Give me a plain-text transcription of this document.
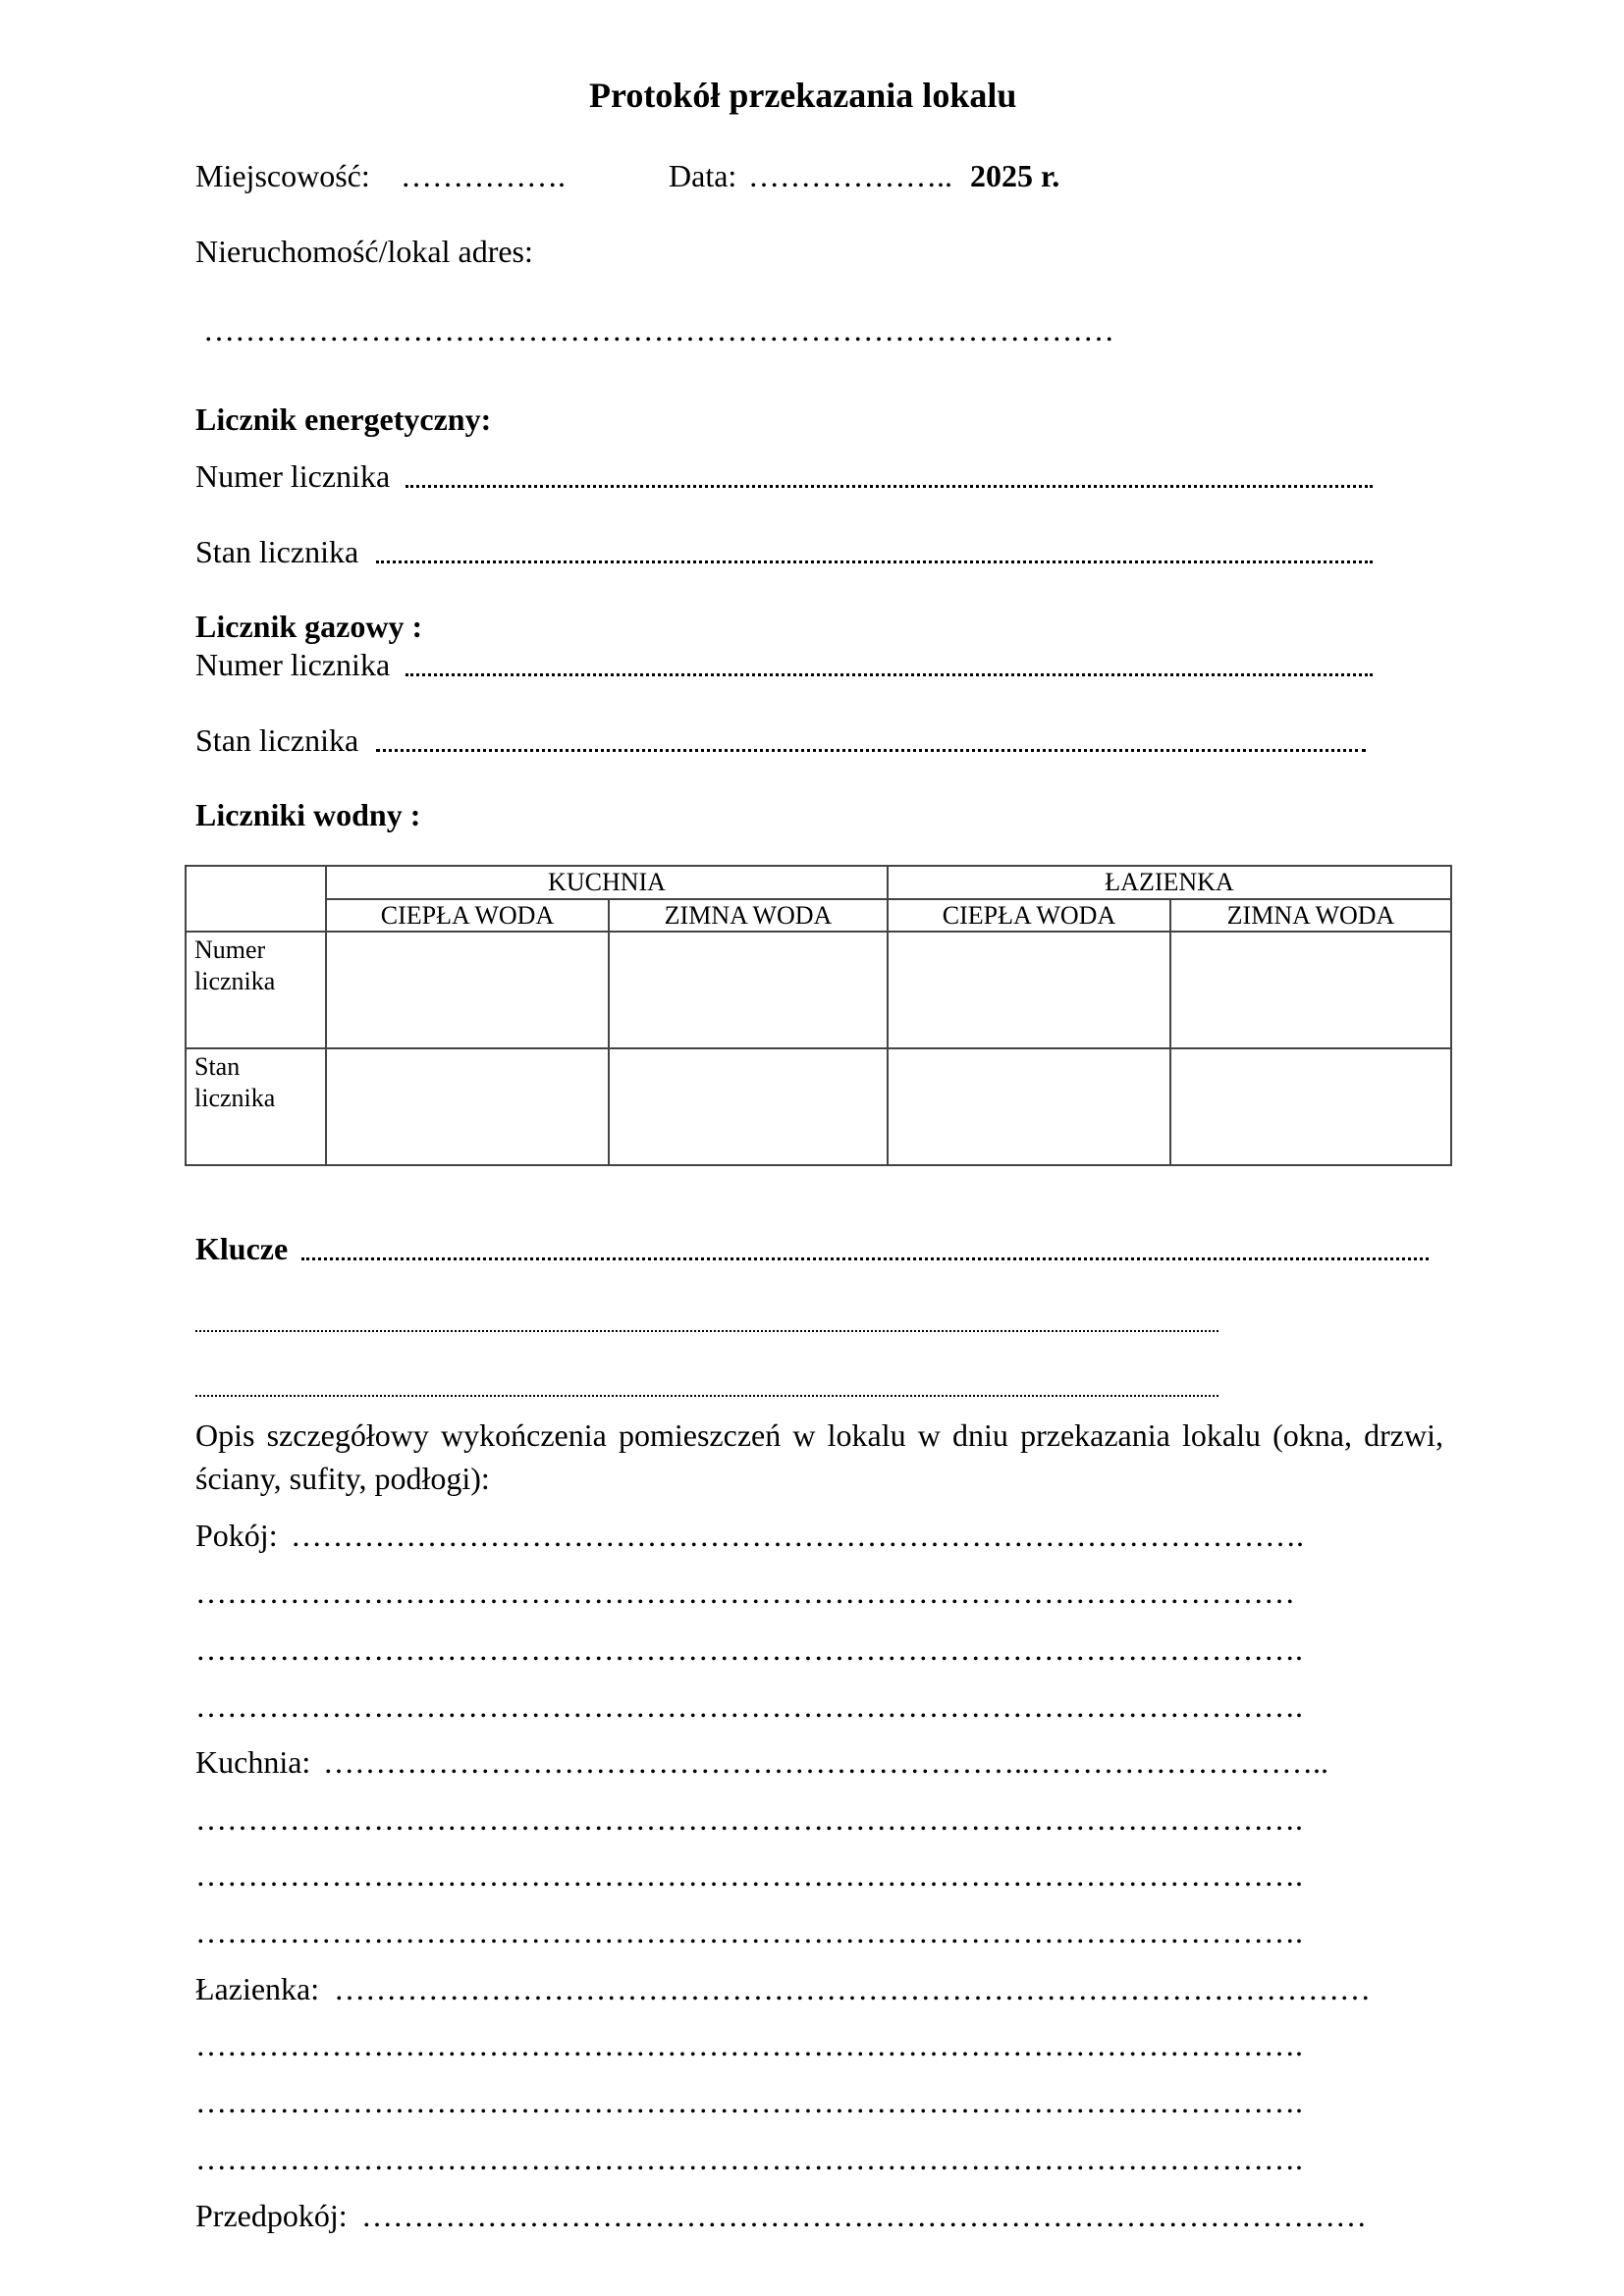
Protokół przekazania lokalu
Miejscowość: …………….	Data: ……………….. 2025 r.
Nieruchomość/lokal adres:
……………………………………………………………………………
Licznik energetyczny:
Numer licznika
Stan licznika
Licznik gazowy :
Numer licznika
Stan licznika
Liczniki wodny :
	KUCHNIA		ŁAZIENKA	
	CIEPŁA WODA	ZIMNA WODA	CIEPŁA WODA	ZIMNA WODA
Numer licznika				
Stan licznika				
Klucze
Opis szczegółowy wykończenia pomieszczeń w lokalu w dniu przekazania lokalu (okna, drzwi, ściany, sufity, podłogi):
Pokój: …………………………………………………………………………………….
……………………………………………………………………………………………
…………………………………………………………………………………………….
…………………………………………………………………………………………….
Kuchnia: …………………………………………………………..………………………..
…………………………………………………………………………………………….
…………………………………………………………………………………………….
…………………………………………………………………………………………….
Łazienka: ………………………………………………………………………………………
…………………………………………………………………………………………….
…………………………………………………………………………………………….
…………………………………………………………………………………………….
Przedpokój: ……………………………………………………………………………………
